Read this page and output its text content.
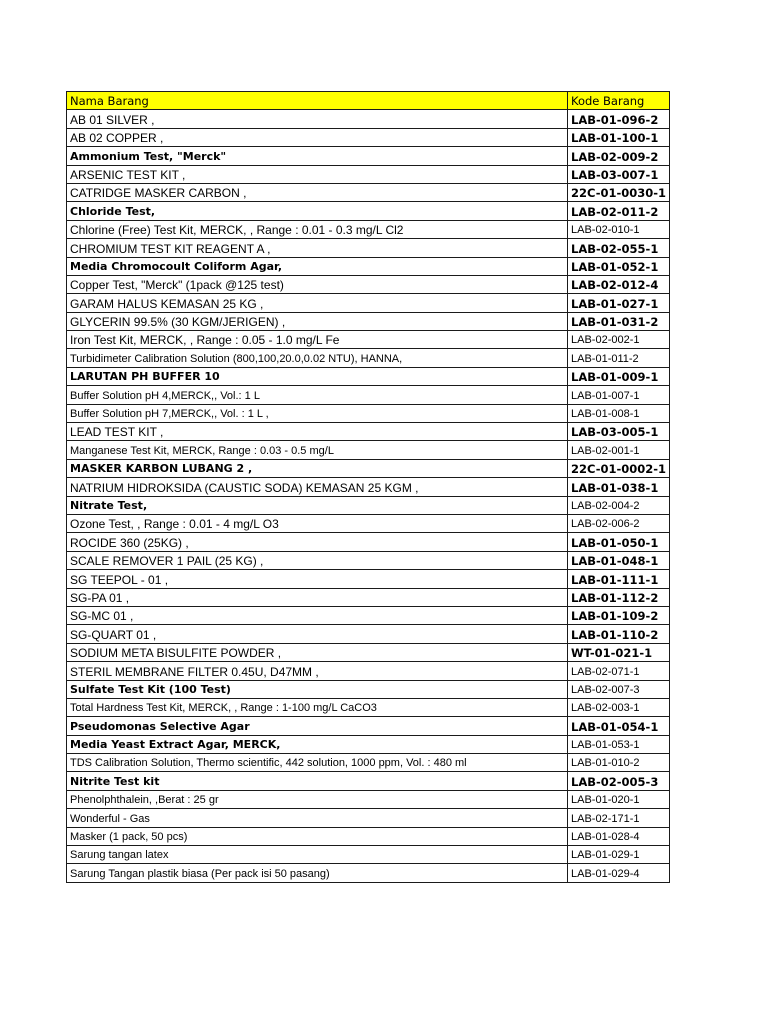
Nama Barang	Kode Barang
AB 01 SILVER ,	LAB-01-096-2
AB 02 COPPER ,	LAB-01-100-1
Ammonium Test, "Merck"	LAB-02-009-2
ARSENIC TEST KIT ,	LAB-03-007-1
CATRIDGE MASKER CARBON ,	22C-01-0030-1
Chloride Test,	LAB-02-011-2
Chlorine (Free) Test Kit, MERCK, , Range : 0.01 - 0.3 mg/L Cl2	LAB-02-010-1
CHROMIUM TEST KIT REAGENT A ,	LAB-02-055-1
Media Chromocoult Coliform Agar,	LAB-01-052-1
Copper Test, "Merck" (1pack @125 test)	LAB-02-012-4
GARAM HALUS KEMASAN 25 KG ,	LAB-01-027-1
GLYCERIN 99.5% (30 KGM/JERIGEN) ,	LAB-01-031-2
Iron Test Kit, MERCK, , Range : 0.05 - 1.0 mg/L Fe	LAB-02-002-1
Turbidimeter Calibration Solution (800,100,20.0,0.02 NTU), HANNA,	LAB-01-011-2
LARUTAN PH BUFFER 10	LAB-01-009-1
Buffer Solution pH 4,MERCK,, Vol.: 1 L	LAB-01-007-1
Buffer Solution pH 7,MERCK,, Vol. : 1 L ,	LAB-01-008-1
LEAD TEST KIT ,	LAB-03-005-1
Manganese Test Kit, MERCK, Range : 0.03 - 0.5 mg/L	LAB-02-001-1
MASKER KARBON LUBANG 2 ,	22C-01-0002-1
NATRIUM HIDROKSIDA (CAUSTIC SODA) KEMASAN 25 KGM ,	LAB-01-038-1
Nitrate Test,	LAB-02-004-2
Ozone Test, , Range : 0.01 - 4 mg/L O3	LAB-02-006-2
ROCIDE 360 (25KG) ,	LAB-01-050-1
SCALE REMOVER 1 PAIL (25 KG) ,	LAB-01-048-1
SG TEEPOL - 01 ,	LAB-01-111-1
SG-PA 01 ,	LAB-01-112-2
SG-MC 01 ,	LAB-01-109-2
SG-QUART 01 ,	LAB-01-110-2
SODIUM META BISULFITE POWDER ,	WT-01-021-1
STERIL MEMBRANE FILTER 0.45U, D47MM ,	LAB-02-071-1
Sulfate Test Kit (100 Test)	LAB-02-007-3
Total Hardness Test Kit, MERCK, , Range : 1-100 mg/L CaCO3	LAB-02-003-1
Pseudomonas Selective Agar	LAB-01-054-1
Media Yeast Extract Agar, MERCK,	LAB-01-053-1
TDS Calibration Solution, Thermo scientific, 442 solution, 1000 ppm, Vol. : 480 ml	LAB-01-010-2
Nitrite Test kit	LAB-02-005-3
Phenolphthalein, ,Berat : 25 gr	LAB-01-020-1
Wonderful - Gas	LAB-02-171-1
Masker (1 pack, 50 pcs)	LAB-01-028-4
Sarung tangan latex	LAB-01-029-1
Sarung Tangan plastik biasa (Per pack isi 50 pasang)	LAB-01-029-4
